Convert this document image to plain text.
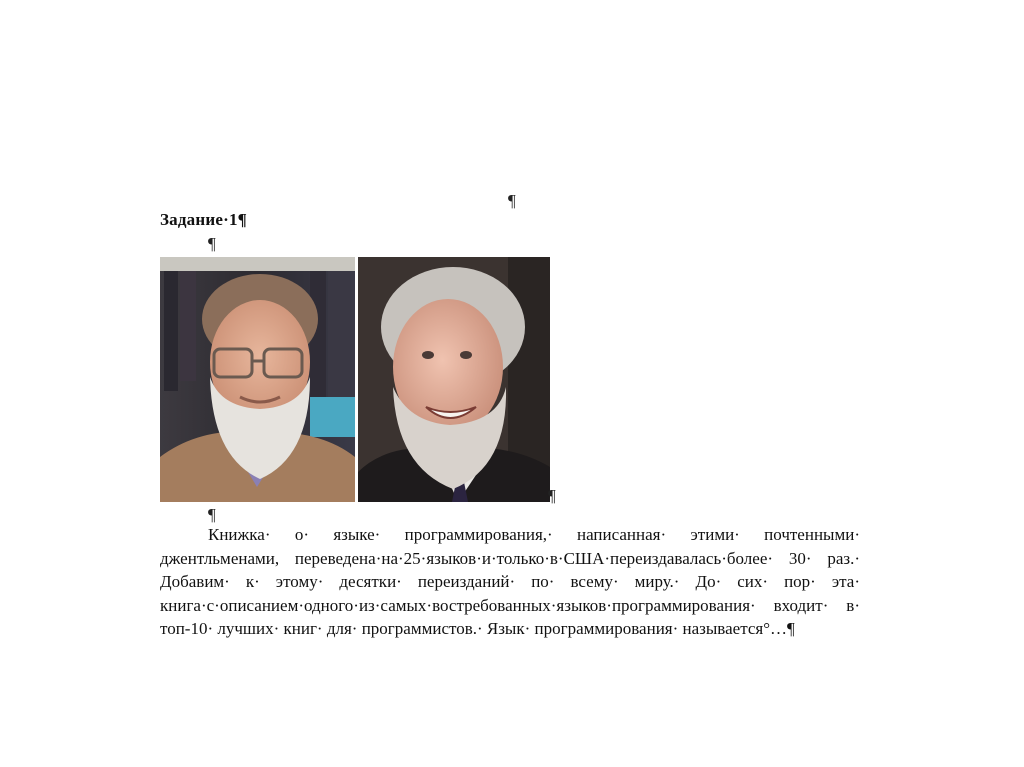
¶
Задание·1¶
¶
¶
¶

Книжка· о· языке· программирования,· написанная· этими· почтенными· джентльменами, переведена·на·25·языков·и·только·в·США·переиздавалась·более· 30· раз.· Добавим· к· этому· десятки· переизданий· по· всему· миру.· До· сих· пор· эта· книга·с·описанием·одного·из·самых·востребованных·языков·программирования· входит· в· топ-10· лучших· книг· для· программистов.· Язык· программирования· называется°…¶
